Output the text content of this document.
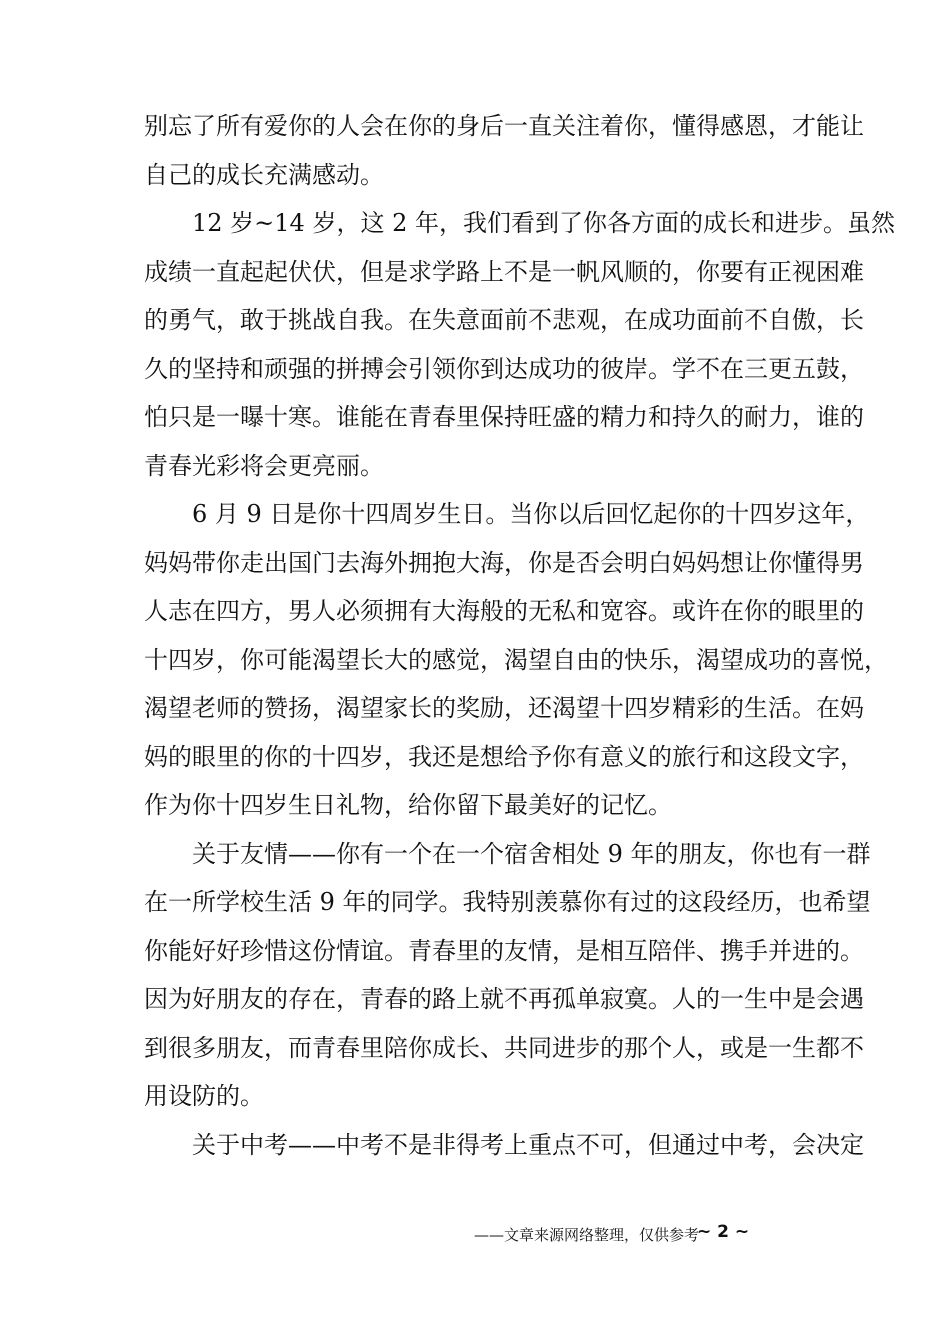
别忘了所有爱你的人会在你的身后一直关注着你，懂得感恩，才能让
自己的成长充满感动。
12 岁~14 岁，这 2 年，我们看到了你各方面的成长和进步。虽然
成绩一直起起伏伏，但是求学路上不是一帆风顺的，你要有正视困难
的勇气，敢于挑战自我。在失意面前不悲观，在成功面前不自傲，长
久的坚持和顽强的拼搏会引领你到达成功的彼岸。学不在三更五鼓，
怕只是一曝十寒。谁能在青春里保持旺盛的精力和持久的耐力，谁的
青春光彩将会更亮丽。
6 月 9 日是你十四周岁生日。当你以后回忆起你的十四岁这年，
妈妈带你走出国门去海外拥抱大海，你是否会明白妈妈想让你懂得男
人志在四方，男人必须拥有大海般的无私和宽容。或许在你的眼里的
十四岁，你可能渴望长大的感觉，渴望自由的快乐，渴望成功的喜悦，
渴望老师的赞扬，渴望家长的奖励，还渴望十四岁精彩的生活。在妈
妈的眼里的你的十四岁，我还是想给予你有意义的旅行和这段文字，
作为你十四岁生日礼物，给你留下最美好的记忆。
关于友情——你有一个在一个宿舍相处 9 年的朋友，你也有一群
在一所学校生活 9 年的同学。我特别羡慕你有过的这段经历，也希望
你能好好珍惜这份情谊。青春里的友情，是相互陪伴、携手并进的。
因为好朋友的存在，青春的路上就不再孤单寂寞。人的一生中是会遇
到很多朋友，而青春里陪你成长、共同进步的那个人，或是一生都不
用设防的。
关于中考——中考不是非得考上重点不可，但通过中考，会决定
——文章来源网络整理，仅供参考
~ 2 ~
